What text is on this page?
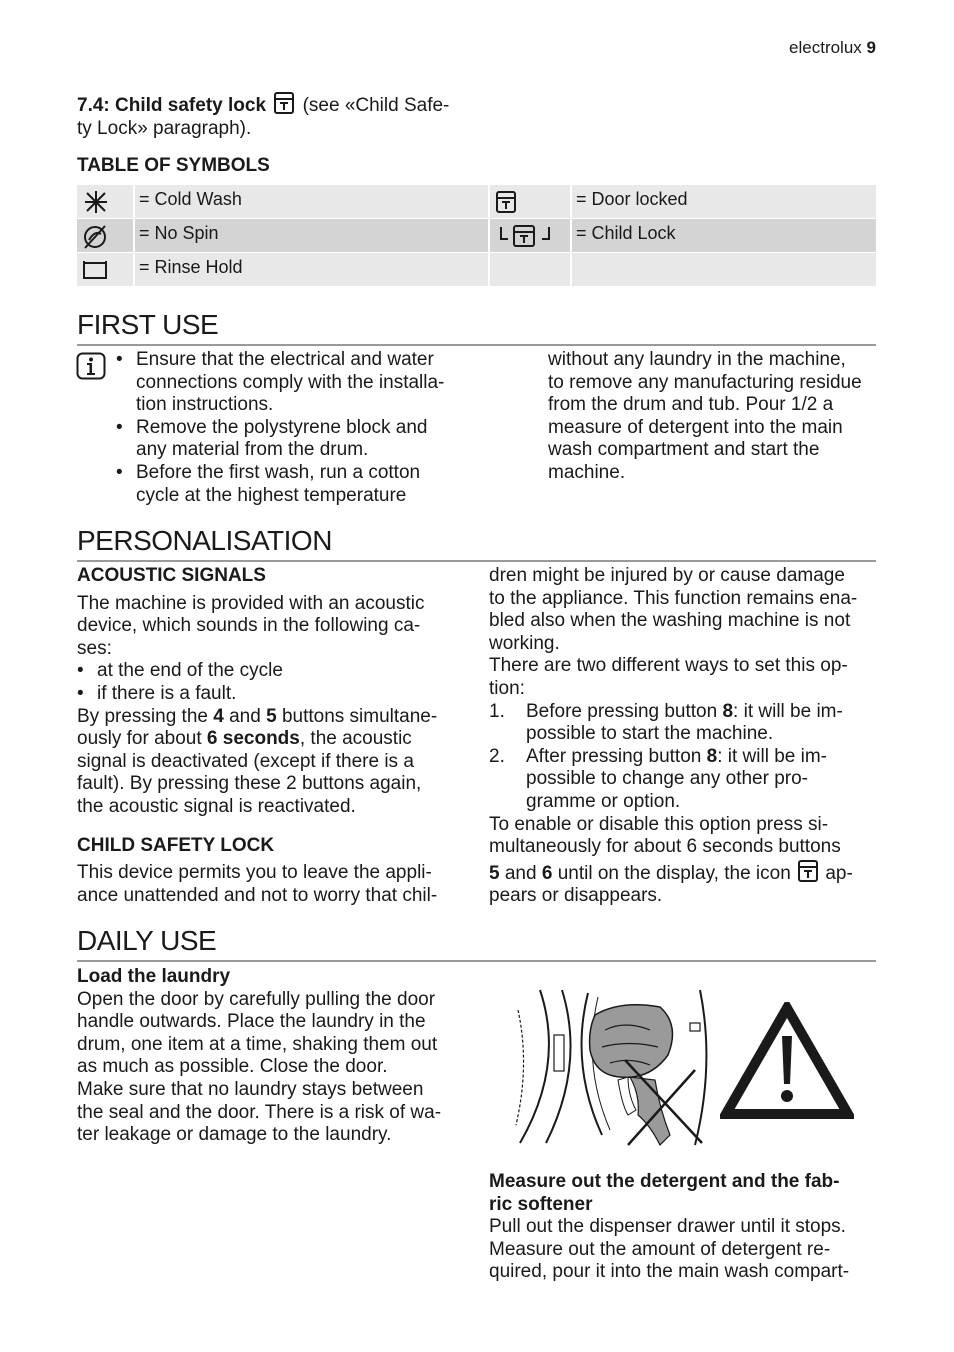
electrolux 9
7.4: Child safety lock (see «Child Safe-
ty Lock» paragraph).
TABLE OF SYMBOLS
= Cold Wash	= Door locked
= No Spin	= Child Lock
= Rinse Hold
FIRST USE
• Ensure that the electrical and water
connections comply with the installa-
tion instructions.
• Remove the polystyrene block and
any material from the drum.
• Before the first wash, run a cotton
cycle at the highest temperature
without any laundry in the machine,
to remove any manufacturing residue
from the drum and tub. Pour 1/2 a
measure of detergent into the main
wash compartment and start the
machine.
PERSONALISATION
ACOUSTIC SIGNALS
The machine is provided with an acoustic
device, which sounds in the following ca-
ses:
• at the end of the cycle
• if there is a fault.
By pressing the 4 and 5 buttons simultane-
ously for about 6 seconds, the acoustic
signal is deactivated (except if there is a
fault). By pressing these 2 buttons again,
the acoustic signal is reactivated.
CHILD SAFETY LOCK
This device permits you to leave the appli-
ance unattended and not to worry that chil-
dren might be injured by or cause damage
to the appliance. This function remains ena-
bled also when the washing machine is not
working.
There are two different ways to set this op-
tion:
1. Before pressing button 8: it will be im-
possible to start the machine.
2. After pressing button 8: it will be im-
possible to change any other pro-
gramme or option.
To enable or disable this option press si-
multaneously for about 6 seconds buttons
5 and 6 until on the display, the icon ap-
pears or disappears.
DAILY USE
Load the laundry
Open the door by carefully pulling the door
handle outwards. Place the laundry in the
drum, one item at a time, shaking them out
as much as possible. Close the door.
Make sure that no laundry stays between
the seal and the door. There is a risk of wa-
ter leakage or damage to the laundry.
Measure out the detergent and the fab-
ric softener
Pull out the dispenser drawer until it stops.
Measure out the amount of detergent re-
quired, pour it into the main wash compart-
